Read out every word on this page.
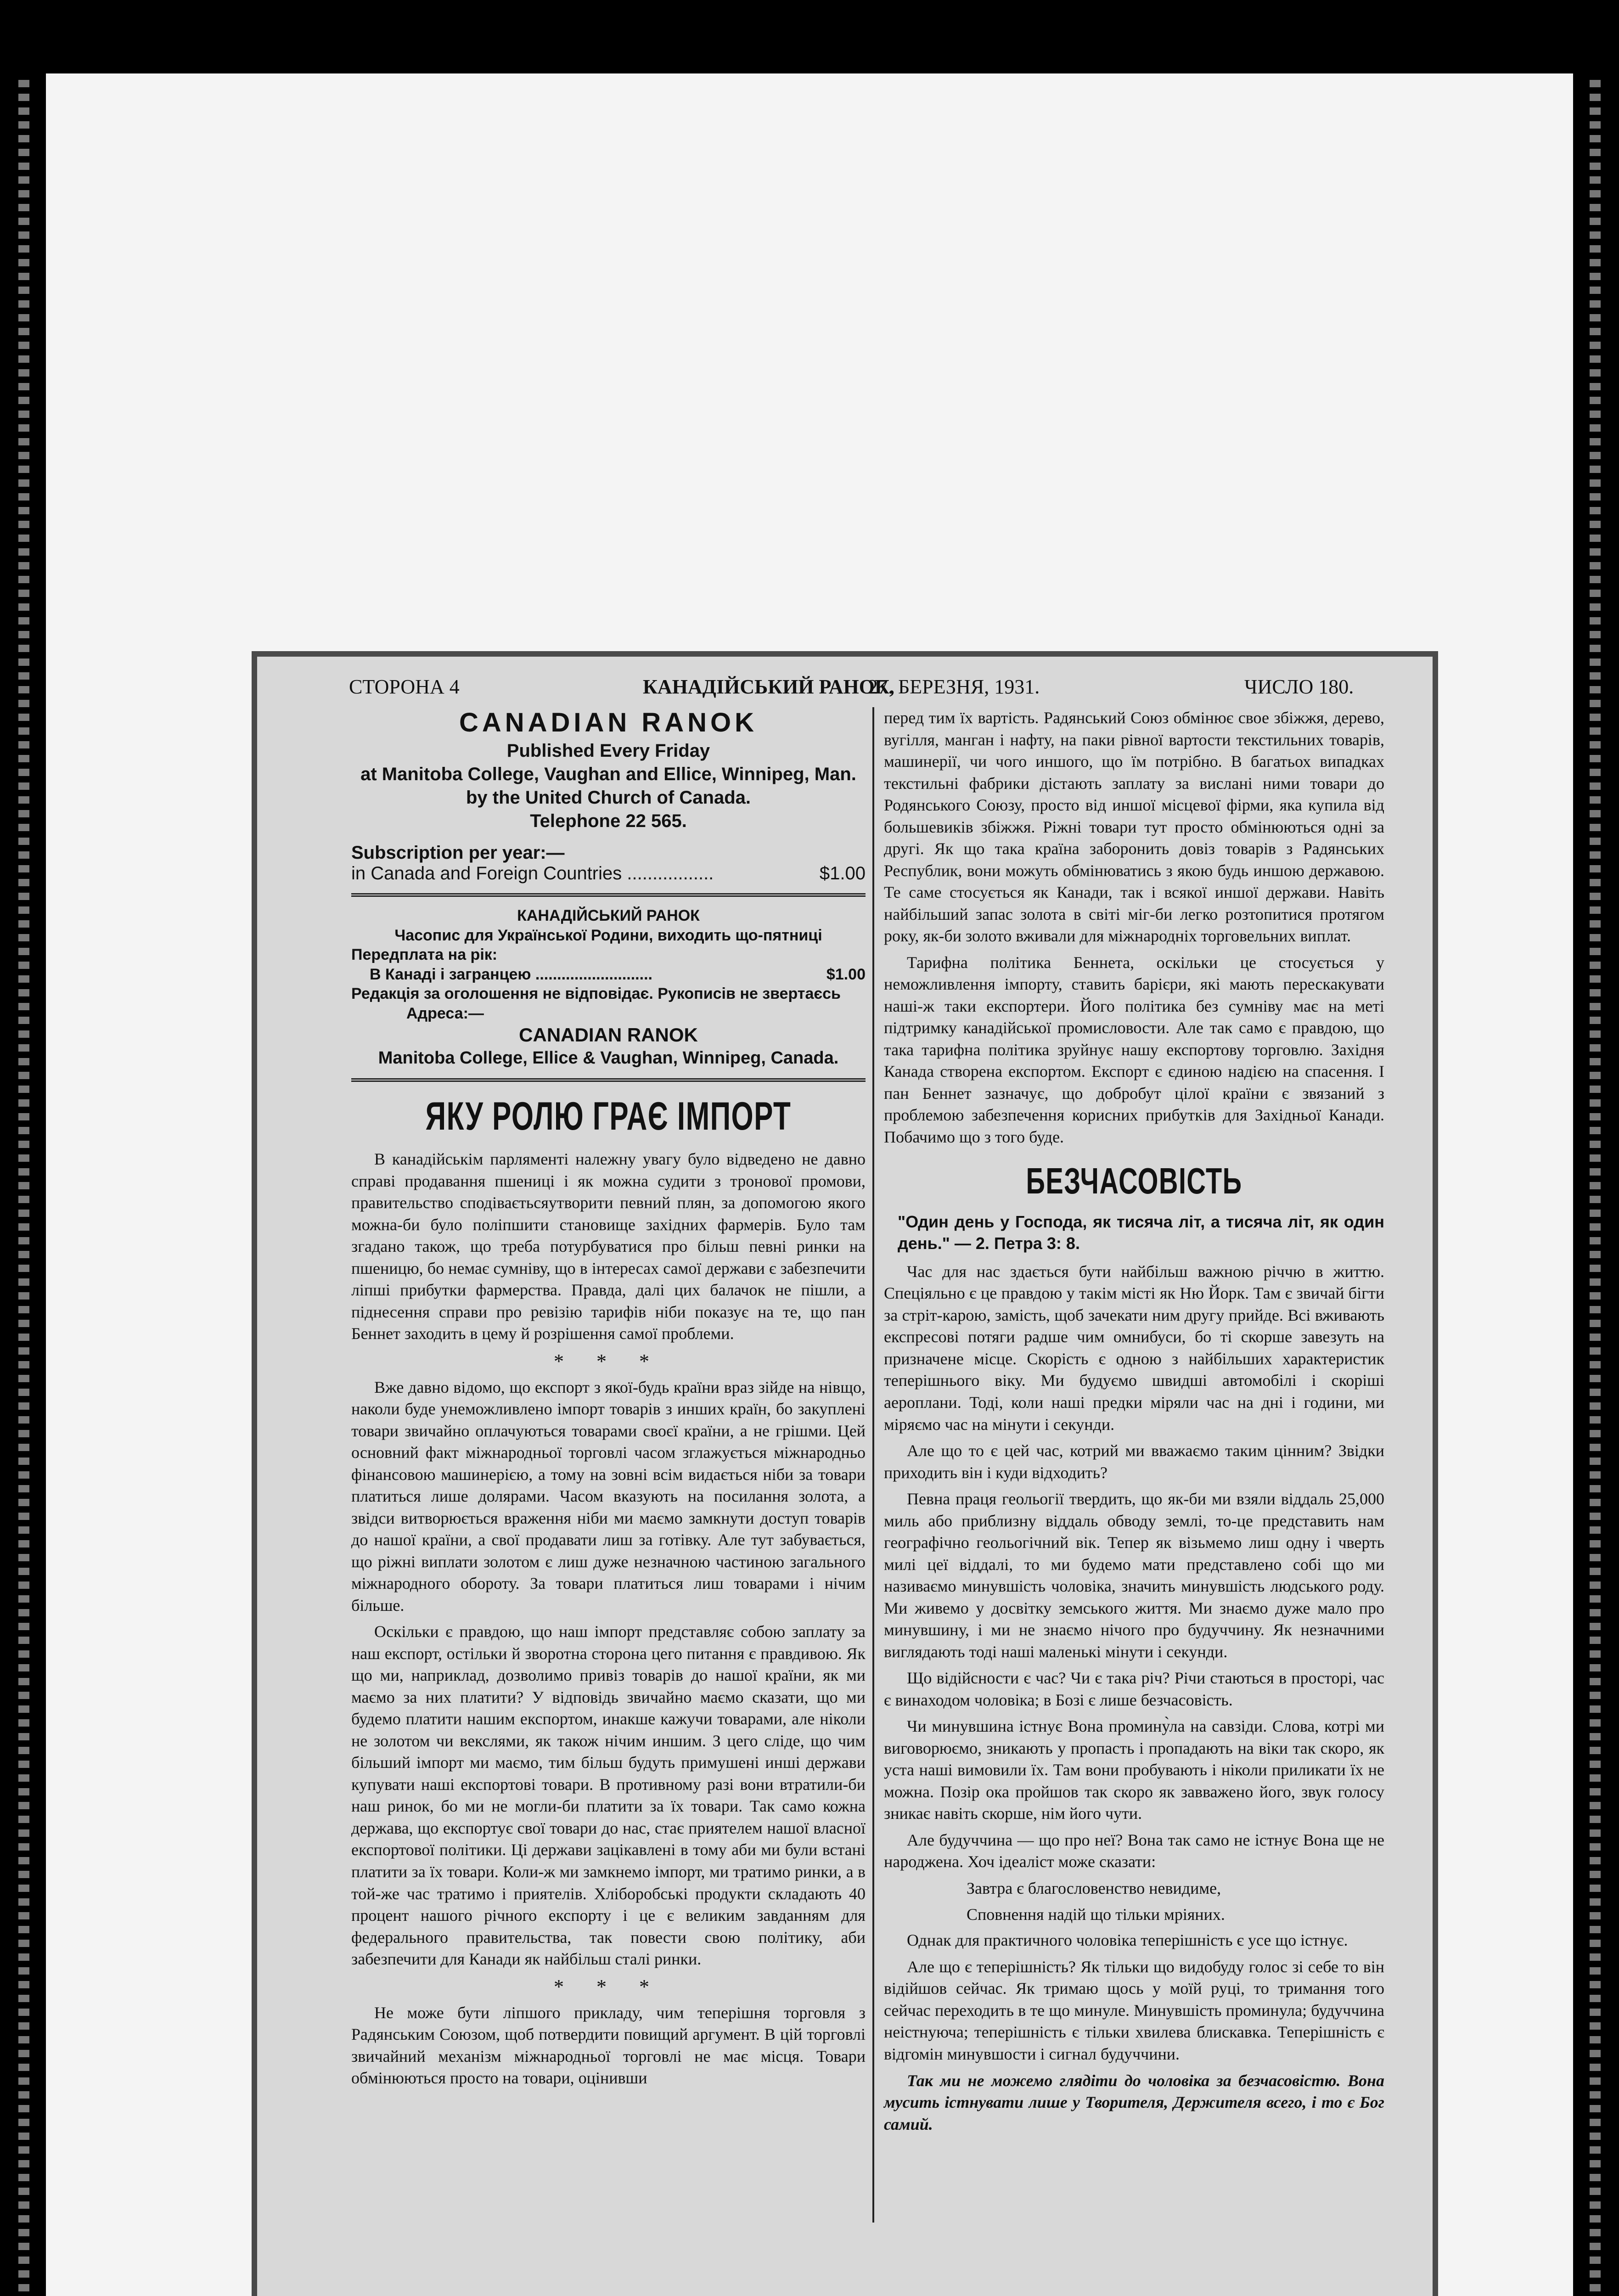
СТОРОНА 4	КАНАДІЙСЬКИЙ РАНОК,
27. БЕРЕЗНЯ, 1931.	ЧИСЛО 180.

CANADIAN RANOK

Published Every Friday

at Manitoba College, Vaughan and Ellice, Winnipeg, Man.

by the United Church of Canada.

Telephone 22 565.

Subscription per year:—
in Canada and Foreign Countries .................	$1.00
КАНАДІЙСЬКИЙ РАНОК
Часопис для Української Родини, виходить що-пятниці
Передплата на рік:
В Канаді і загранцею ...........................	$1.00
Редакція за оголошення не відповідає. Рукописів не звертаєсь
Адреса:—
CANADIAN RANOK
Manitoba College, Ellice & Vaughan, Winnipeg, Canada.
ЯКУ РОЛЮ ГРАЄ ІМПОРТ

В канадійськім парляменті належну увагу було відведено не давно справі продавання пшениці і як можна судити з тронової промови, правительство сподіваєтьсяутворити певний плян, за допомогою якого можна-би було поліпшити становище західних фармерів. Було там згадано також, що треба потурбуватися про більш певні ринки на пшеницю, бо немає сумніву, що в інтересах самої держави є забезпечити ліпші прибутки фармерства. Правда, далі цих балачок не пішли, а піднесення справи про ревізію тарифів ніби показує на те, що пан Беннет заходить в цему й розрішення самої проблеми.

* * *

Вже давно відомо, що експорт з якої-будь країни враз зійде на нівщо, наколи буде унеможливлено імпорт товарів з инших країн, бо закуплені товари звичайно оплачуються товарами своєї країни, а не грішми. Цей основний факт міжнародньої торговлі часом зглажується міжнародньо фінансовою машинерією, а тому на зовні всім видається ніби за товари платиться лише долярами. Часом вказують на посилання золота, а звідси витворюється враження ніби ми маємо замкнути доступ товарів до нашої країни, а свої продавати лиш за готівку. Але тут забувається, що ріжні виплати золотом є лиш дуже незначною частиною загального міжнародного обороту. За товари платиться лиш товарами і нічим більше.

Оскільки є правдою, що наш імпорт представляє собою заплату за наш експорт, остільки й зворотна сторона цего питання є правдивою. Як що ми, наприклад, дозволимо привіз товарів до нашої країни, як ми маємо за них платити? У відповідь звичайно маємо сказати, що ми будемо платити нашим експортом, инакше кажучи товарами, але ніколи не золотом чи векслями, як також нічим иншим. З цего сліде, що чим більший імпорт ми маємо, тим більш будуть примушені инші держави купувати наші експортові товари. В противному разі вони втратили-би наш ринок, бо ми не могли-би платити за їх товари. Так само кожна держава, що експортує свої товари до нас, стає приятелем нашої власної експортової політики. Ці держави зацікавлені в тому аби ми були встані платити за їх товари. Коли-ж ми замкнемо імпорт, ми тратимо ринки, а в той-же час тратимо і приятелів. Хліборобські продукти складають 40 процент нашого річного експорту і це є великим завданням для федерального правительства, так повести свою політику, аби забезпечити для Канади як найбільш сталі ринки.

* * *

Не може бути ліпшого прикладу, чим теперішня торговля з Радянським Союзом, щоб потвердити повищий аргумент. В цій торговлі звичайний механізм міжнародньої торговлі не має місця. Товари обмінюються просто на товари, оцінивши

перед тим їх вартість. Радянський Союз обмінює свое збіжжя, дерево, вугілля, манган і нафту, на паки рівної вартости текстильних товарів, машинерії, чи чого иншого, що їм потрібно. В багатьох випадках текстильні фабрики дістають заплату за вислані ними товари до Родянського Союзу, просто від иншої місцевої фірми, яка купила від большевиків збіжжя. Ріжні товари тут просто обмінюються одні за другі. Як що така країна заборонить довіз товарів з Радянських Республик, вони можуть обмінюватись з якою будь иншою державою. Те саме стосується як Канади, так і всякої иншої держави. Навіть найбільший запас золота в світі міг-би легко розтопитися протягом року, як-би золото вживали для міжнародніх торговельних виплат.

Тарифна політика Беннета, оскільки це стосується у неможливлення імпорту, ставить барієри, які мають перескакувати наші-ж таки експортери. Його політика без сумніву має на меті підтримку канадійської промисловости. Але так само є правдою, що така тарифна політика зруйнує нашу експортову торговлю. Західня Канада створена експортом. Експорт є єдиною надією на спасення. І пан Беннет зазначує, що добробут цілої країни є звязаний з проблемою забезпечення корисних прибутків для Західньої Канади. Побачимо що з того буде.

БЕЗЧАСОВІСТЬ
"Один день у Господа, як тисяча літ, а тисяча літ, як один день." — 2. Петра 3: 8.

Час для нас здається бути найбільш важною річчю в життю. Спеціяльно є це правдою у такім місті як Ню Йорк. Там є звичай бігти за стріт-карою, замість, щоб зачекати ним другу прийде. Всі вживають експресові потяги радше чим омнибуси, бо ті скорше завезуть на призначене місце. Скорість є одною з найбільших характеристик теперішнього віку. Ми будуємо швидші автомобілі і скоріші аероплани. Тоді, коли наші предки міряли час на дні і години, ми міряємо час на мінути і секунди.

Але що то є цей час, котрий ми вважаємо таким цінним? Звідки приходить він і куди відходить?

Певна праця геольогії твердить, що як-би ми взяли віддаль 25,000 миль або приблизну віддаль обводу землі, то-це представить нам географічно геольогічний вік. Тепер як візьмемо лиш одну і чверть милі цеї віддалі, то ми будемо мати представлено собі що ми називаємо минувшість чоловіка, значить минувшість людського роду. Ми живемо у досвітку земського життя. Ми знаємо дуже мало про минувшину, і ми не знаємо нічого про будуччину. Як незначними виглядають тоді наші маленькі мінути і секунди.

Що відійсности є час? Чи є така річ? Річи стаються в просторі, час є винаходом чоловіка; в Бозі є лише безчасовість.

Чи минувшина істнує Вона промину̀ла на савзіди. Слова, котрі ми виговорюємо, зникають у пропасть і пропадають на віки так скоро, як уста наші вимовили їх. Там вони пробувають і ніколи приликати їх не можна. Позір ока пройшов так скоро як завважено його, звук голосу зникає навіть скорше, нім його чути.

Але будуччина — що про неї? Вона так само не істнує Вона ще не народжена. Хоч ідеаліст може сказати:

Завтра є благословенство невидиме,
Сповнення надій що тільки мріяних.

Однак для практичного чоловіка теперішність є усе що істнує.

Але що є теперішність? Як тільки що видобуду голос зі себе то він відійшов сейчас. Як тримаю щось у моїй руці, то тримання того сейчас переходить в те що минуле. Минувшість проминула; будуччина неістнуюча; теперішність є тільки хвилева блискавка. Теперішність є відгомін минувшости і сигнал будуччини.

Так ми не можемо глядіти до чоловіка за безчасовістю. Вона мусить істнувати лише у Творителя, Держителя всего, і то є Бог самий.
